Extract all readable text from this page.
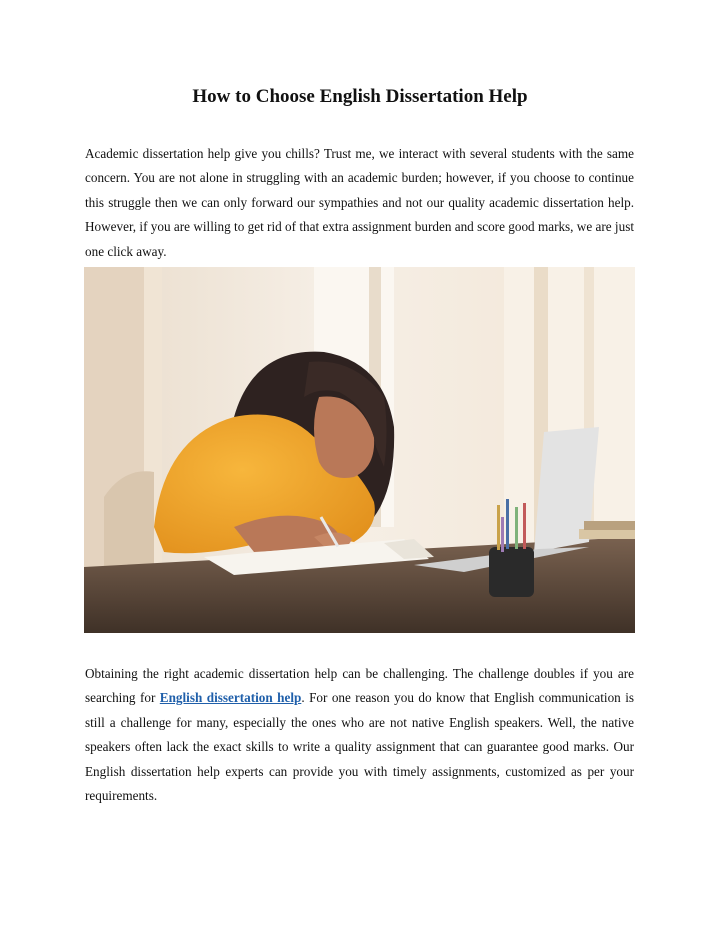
How to Choose English Dissertation Help

Academic dissertation help give you chills? Trust me, we interact with several students with the same concern. You are not alone in struggling with an academic burden; however, if you choose to continue this struggle then we can only forward our sympathies and not our quality academic dissertation help. However, if you are willing to get rid of that extra assignment burden and score good marks, we are just one click away.

Obtaining the right academic dissertation help can be challenging. The challenge doubles if you are searching for English dissertation help. For one reason you do know that English communication is still a challenge for many, especially the ones who are not native English speakers. Well, the native speakers often lack the exact skills to write a quality assignment that can guarantee good marks. Our English dissertation help experts can provide you with timely assignments, customized as per your requirements.
